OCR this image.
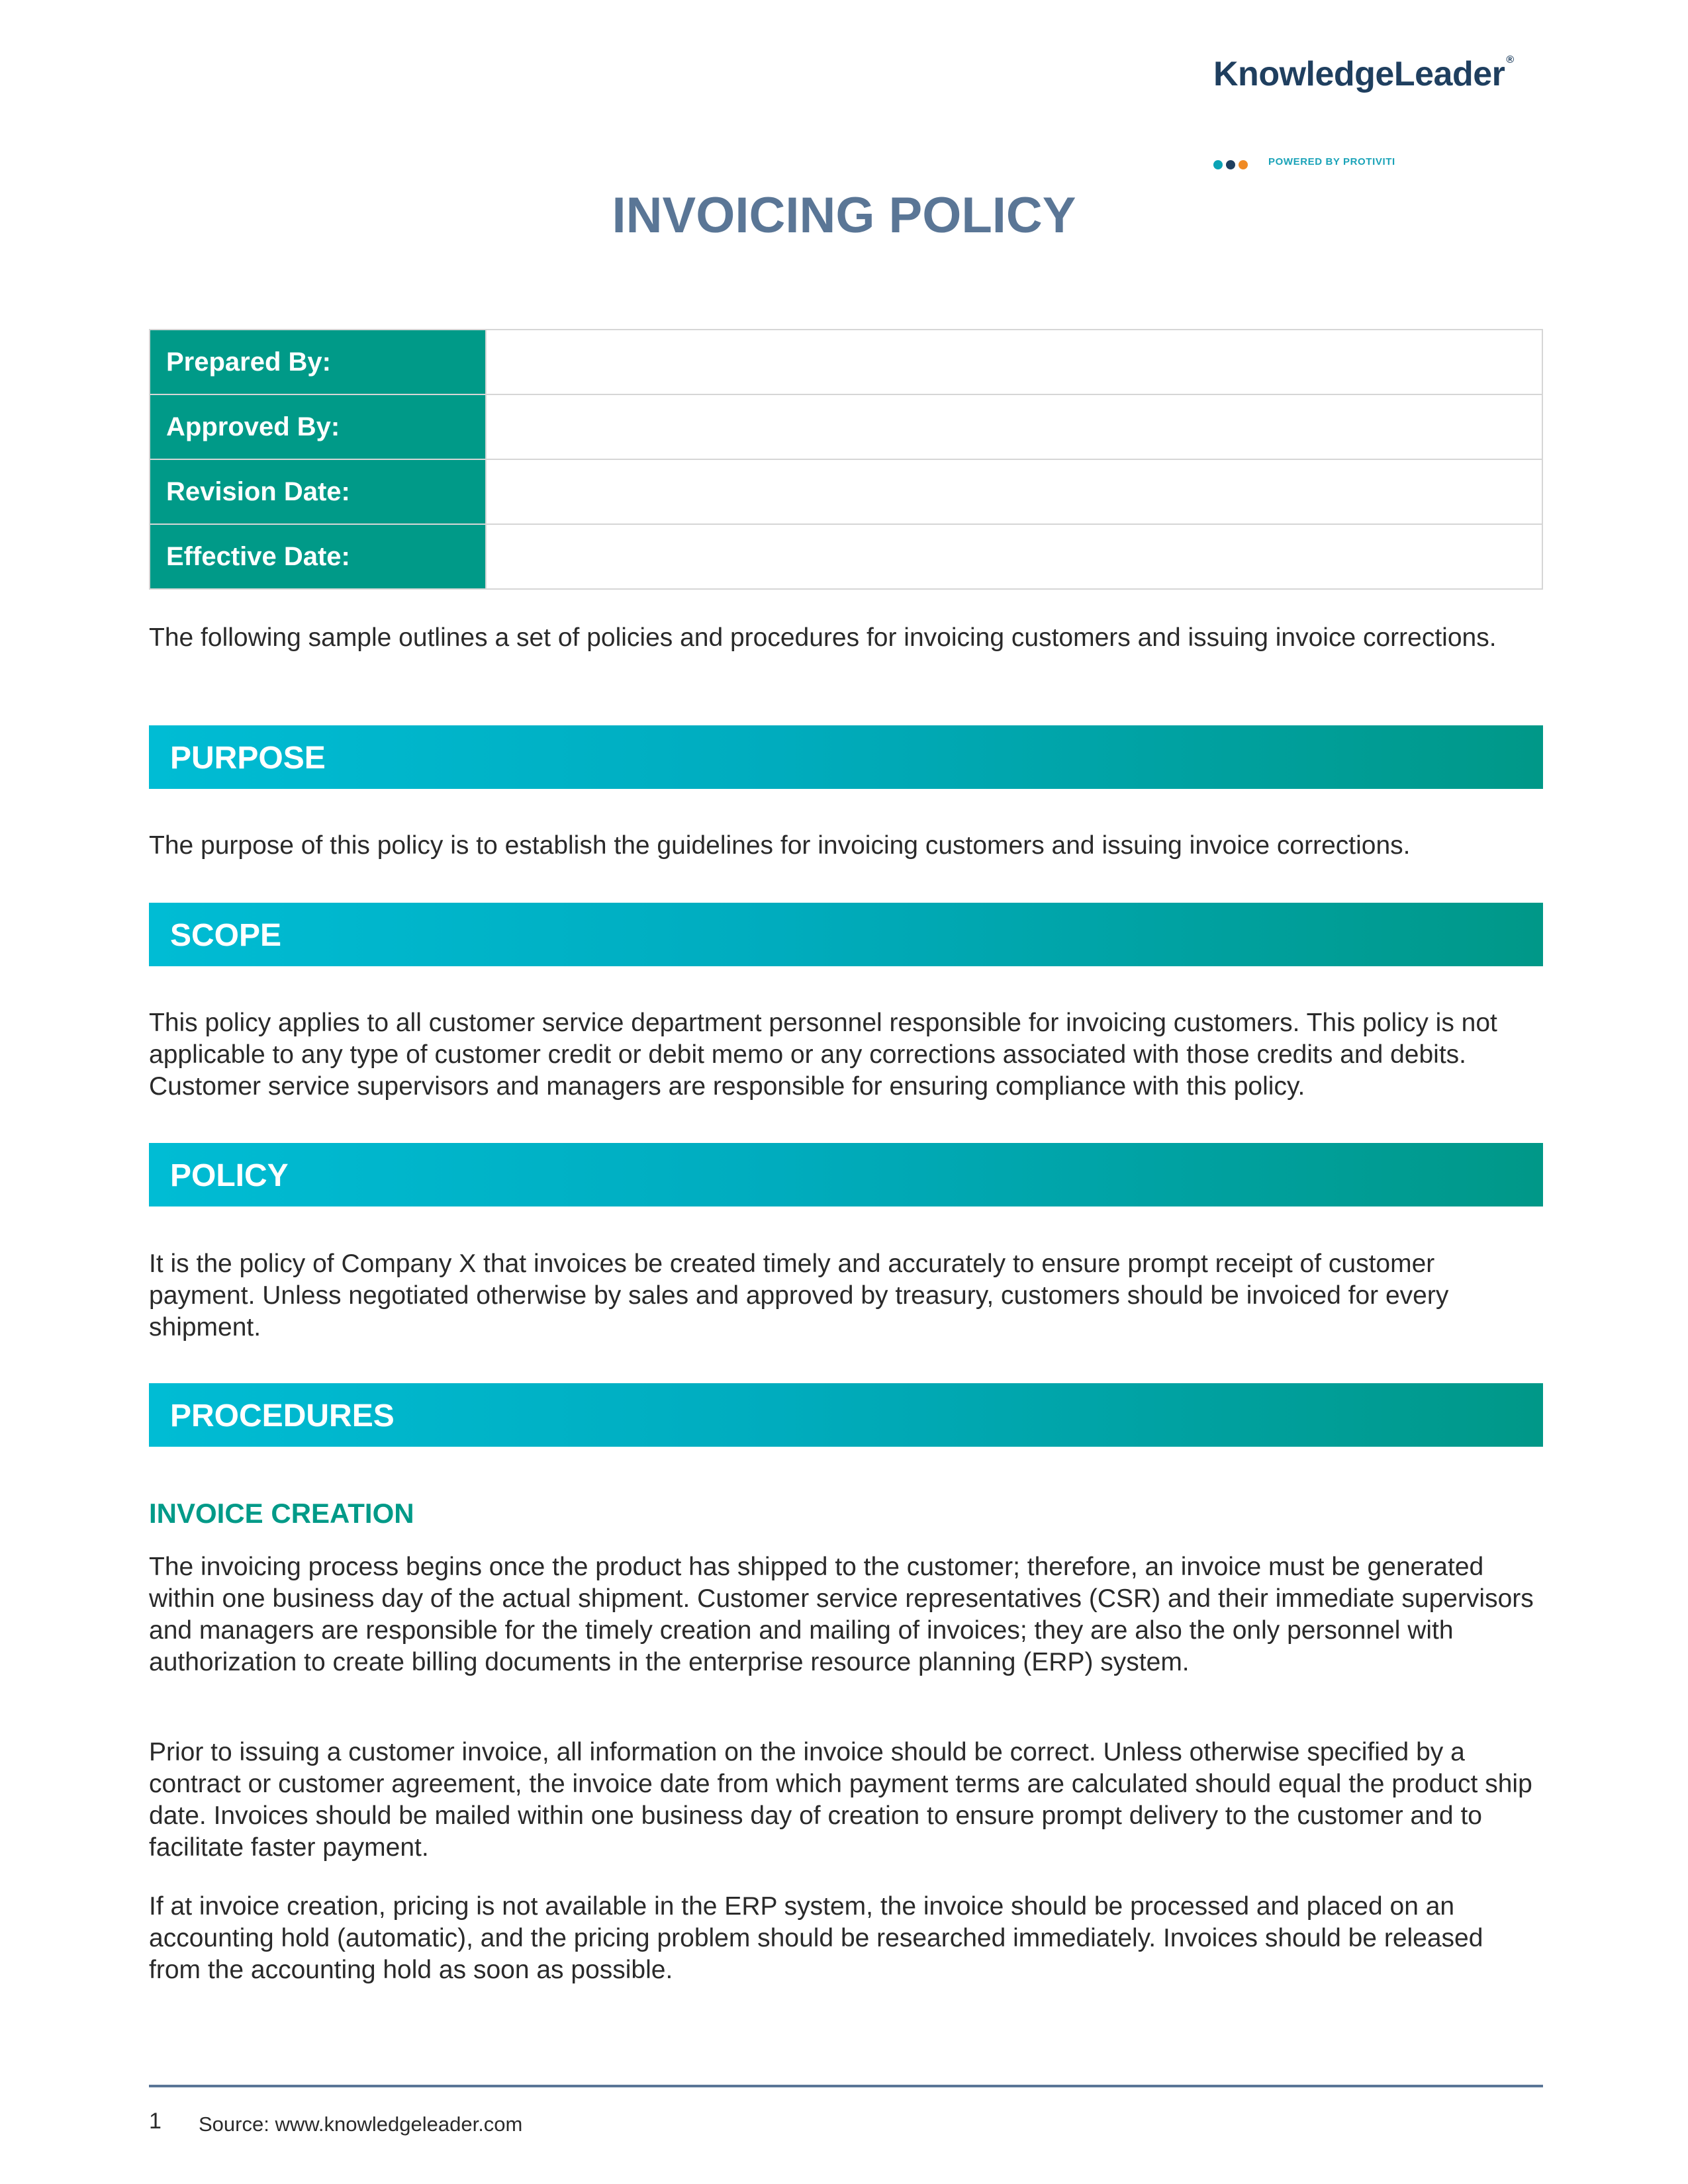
KnowledgeLeader ®
POWERED BY PROTIVITI
INVOICING POLICY
Prepared By:	
Approved By:	
Revision Date:	
Effective Date:	

The following sample outlines a set of policies and procedures for invoicing customers and issuing invoice corrections.

PURPOSE

The purpose of this policy is to establish the guidelines for invoicing customers and issuing invoice corrections.

SCOPE

This policy applies to all customer service department personnel responsible for invoicing customers. This policy is not applicable to any type of customer credit or debit memo or any corrections associated with those credits and debits. Customer service supervisors and managers are responsible for ensuring compliance with this policy.

POLICY

It is the policy of Company X that invoices be created timely and accurately to ensure prompt receipt of customer payment. Unless negotiated otherwise by sales and approved by treasury, customers should be invoiced for every shipment.

PROCEDURES
INVOICE CREATION

The invoicing process begins once the product has shipped to the customer; therefore, an invoice must be generated within one business day of the actual shipment. Customer service representatives (CSR) and their immediate supervisors and managers are responsible for the timely creation and mailing of invoices; they are also the only personnel with authorization to create billing documents in the enterprise resource planning (ERP) system.

Prior to issuing a customer invoice, all information on the invoice should be correct. Unless otherwise specified by a contract or customer agreement, the invoice date from which payment terms are calculated should equal the product ship date. Invoices should be mailed within one business day of creation to ensure prompt delivery to the customer and to facilitate faster payment.

If at invoice creation, pricing is not available in the ERP system, the invoice should be processed and placed on an accounting hold (automatic), and the pricing problem should be researched immediately. Invoices should be released from the accounting hold as soon as possible.

1 Source: www.knowledgeleader.com
